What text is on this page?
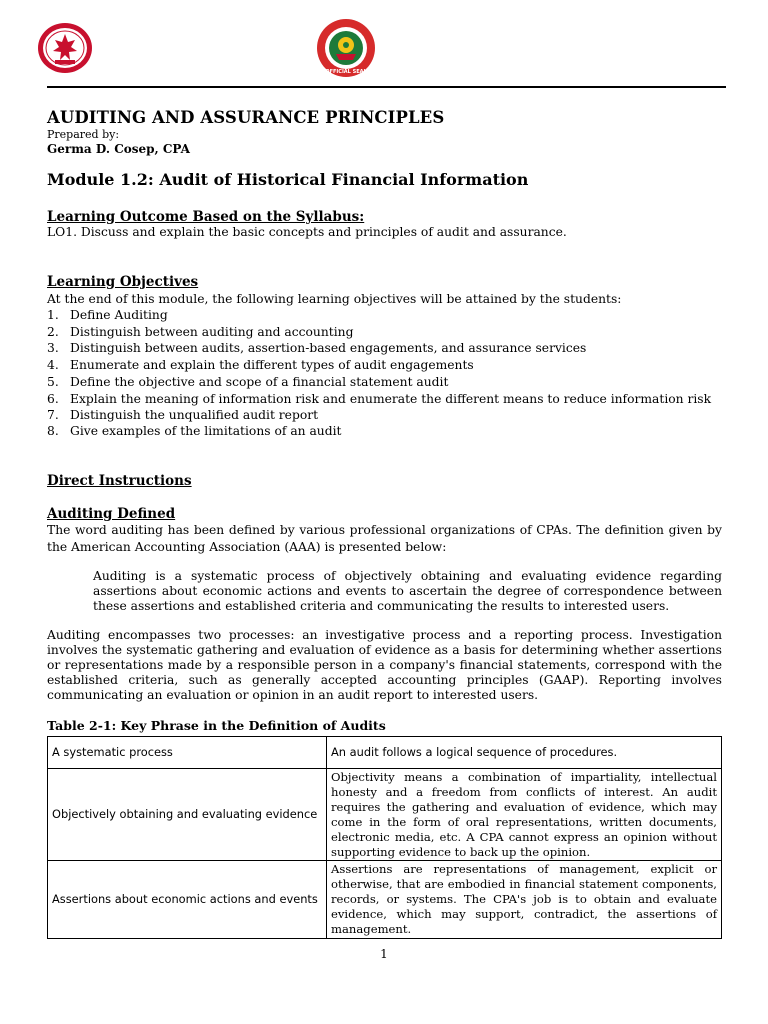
OFFICIAL SEAL
AUDITING AND ASSURANCE PRINCIPLES
Prepared by:
Germa D. Cosep, CPA
Module 1.2: Audit of Historical Financial Information
Learning Outcome Based on the Syllabus:
LO1. Discuss and explain the basic concepts and principles of audit and assurance.
Learning Objectives
At the end of this module, the following learning objectives will be attained by the students:
1. Define Auditing
2. Distinguish between auditing and accounting
3. Distinguish between audits, assertion-based engagements, and assurance services
4. Enumerate and explain the different types of audit engagements
5. Define the objective and scope of a financial statement audit
6. Explain the meaning of information risk and enumerate the different means to reduce information risk
7. Distinguish the unqualified audit report
8. Give examples of the limitations of an audit
Direct Instructions
Auditing Defined
The word auditing has been defined by various professional organizations of CPAs. The definition given by the American Accounting Association (AAA) is presented below:
Auditing is a systematic process of objectively obtaining and evaluating evidence regarding assertions about economic actions and events to ascertain the degree of correspondence between these assertions and established criteria and communicating the results to interested users.
Auditing encompasses two processes: an investigative process and a reporting process. Investigation involves the systematic gathering and evaluation of evidence as a basis for determining whether assertions or representations made by a responsible person in a company's financial statements, correspond with the established criteria, such as generally accepted accounting principles (GAAP). Reporting involves communicating an evaluation or opinion in an audit report to interested users.
Table 2-1: Key Phrase in the Definition of Audits
A systematic process	An audit follows a logical sequence of procedures.
Objectively obtaining and evaluating evidence	Objectivity means a combination of impartiality, intellectual honesty and a freedom from conflicts of interest. An audit requires the gathering and evaluation of evidence, which may come in the form of oral representations, written documents, electronic media, etc. A CPA cannot express an opinion without supporting evidence to back up the opinion.
Assertions about economic actions and events	Assertions are representations of management, explicit or otherwise, that are embodied in financial statement components, records, or systems. The CPA's job is to obtain and evaluate evidence, which may support, contradict, the assertions of management.
1
